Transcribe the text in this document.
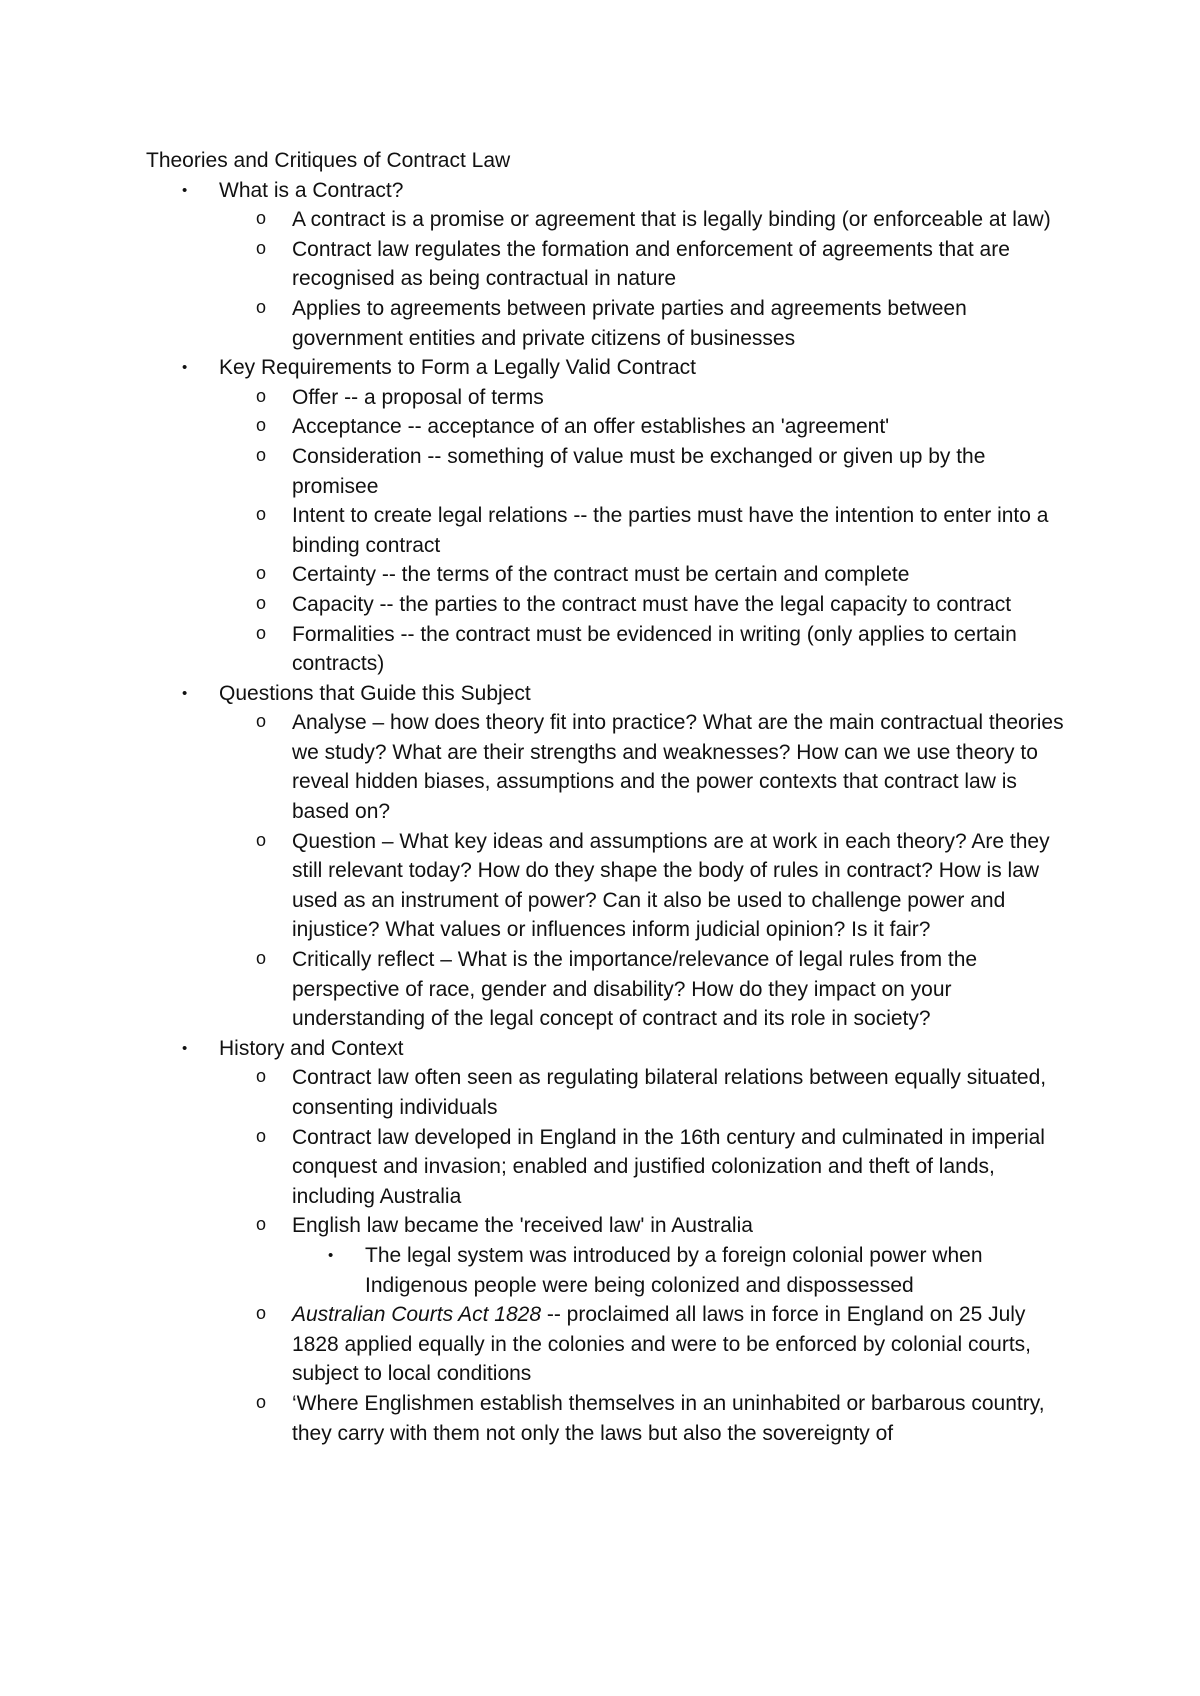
Theories and Critiques of Contract Law

• What is a Contract?
o A contract is a promise or agreement that is legally binding (or enforceable at law)
o Contract law regulates the formation and enforcement of agreements that are recognised as being contractual in nature
o Applies to agreements between private parties and agreements between government entities and private citizens of businesses
• Key Requirements to Form a Legally Valid Contract
o Offer -- a proposal of terms
o Acceptance -- acceptance of an offer establishes an 'agreement'
o Consideration -- something of value must be exchanged or given up by the promisee
o Intent to create legal relations -- the parties must have the intention to enter into a binding contract
o Certainty -- the terms of the contract must be certain and complete
o Capacity -- the parties to the contract must have the legal capacity to contract
o Formalities -- the contract must be evidenced in writing (only applies to certain contracts)
• Questions that Guide this Subject
o Analyse – how does theory fit into practice? What are the main contractual theories we study? What are their strengths and weaknesses? How can we use theory to reveal hidden biases, assumptions and the power contexts that contract law is based on?
o Question – What key ideas and assumptions are at work in each theory? Are they still relevant today? How do they shape the body of rules in contract? How is law used as an instrument of power? Can it also be used to challenge power and injustice? What values or influences inform judicial opinion? Is it fair?
o Critically reflect – What is the importance/relevance of legal rules from the perspective of race, gender and disability? How do they impact on your understanding of the legal concept of contract and its role in society?
• History and Context
o Contract law often seen as regulating bilateral relations between equally situated, consenting individuals
o Contract law developed in England in the 16th century and culminated in imperial conquest and invasion; enabled and justified colonization and theft of lands, including Australia
o English law became the 'received law' in Australia
• The legal system was introduced by a foreign colonial power when Indigenous people were being colonized and dispossessed
o Australian Courts Act 1828 -- proclaimed all laws in force in England on 25 July 1828 applied equally in the colonies and were to be enforced by colonial courts, subject to local conditions
o ‘Where Englishmen establish themselves in an uninhabited or barbarous country, they carry with them not only the laws but also the sovereignty of
